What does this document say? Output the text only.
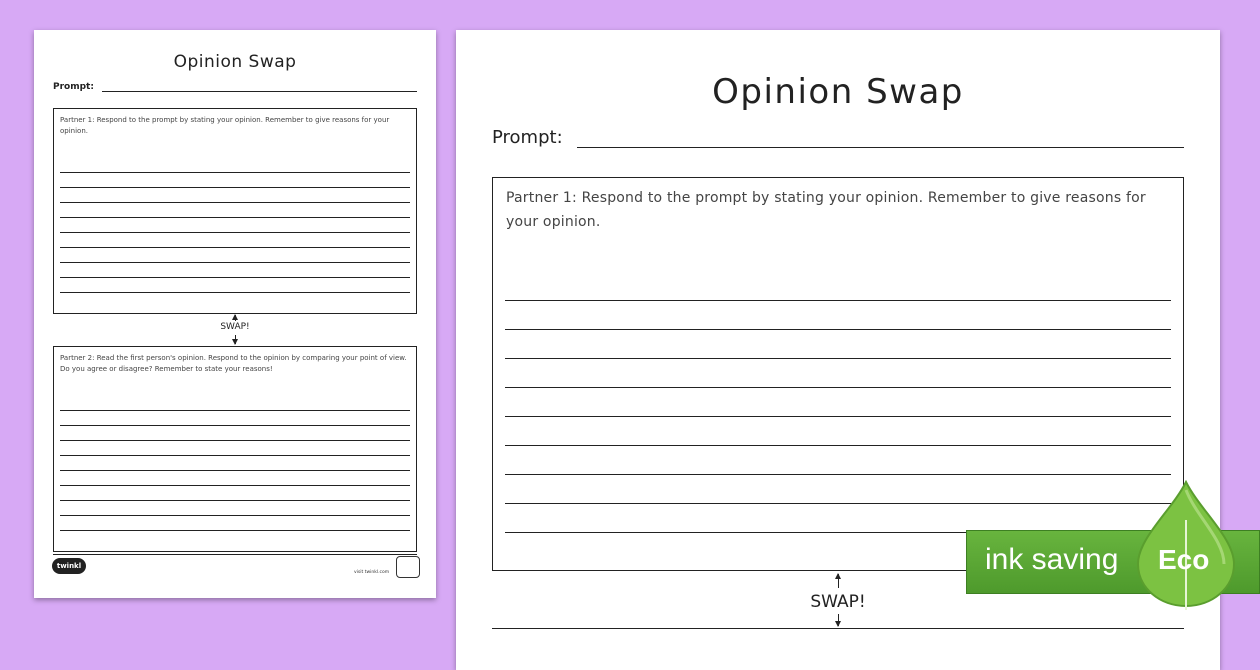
Opinion Swap
Prompt:
Partner 1: Respond to the prompt by stating your opinion. Remember to give reasons for your opinion.
SWAP!
Partner 2: Read the first person's opinion. Respond to the opinion by comparing your point of view. Do you agree or disagree? Remember to state your reasons!
twinkl
visit twinkl.com
Opinion Swap
Prompt:
Partner 1: Respond to the prompt by stating your opinion. Remember to give reasons for your opinion.
SWAP!
ink saving Eco
